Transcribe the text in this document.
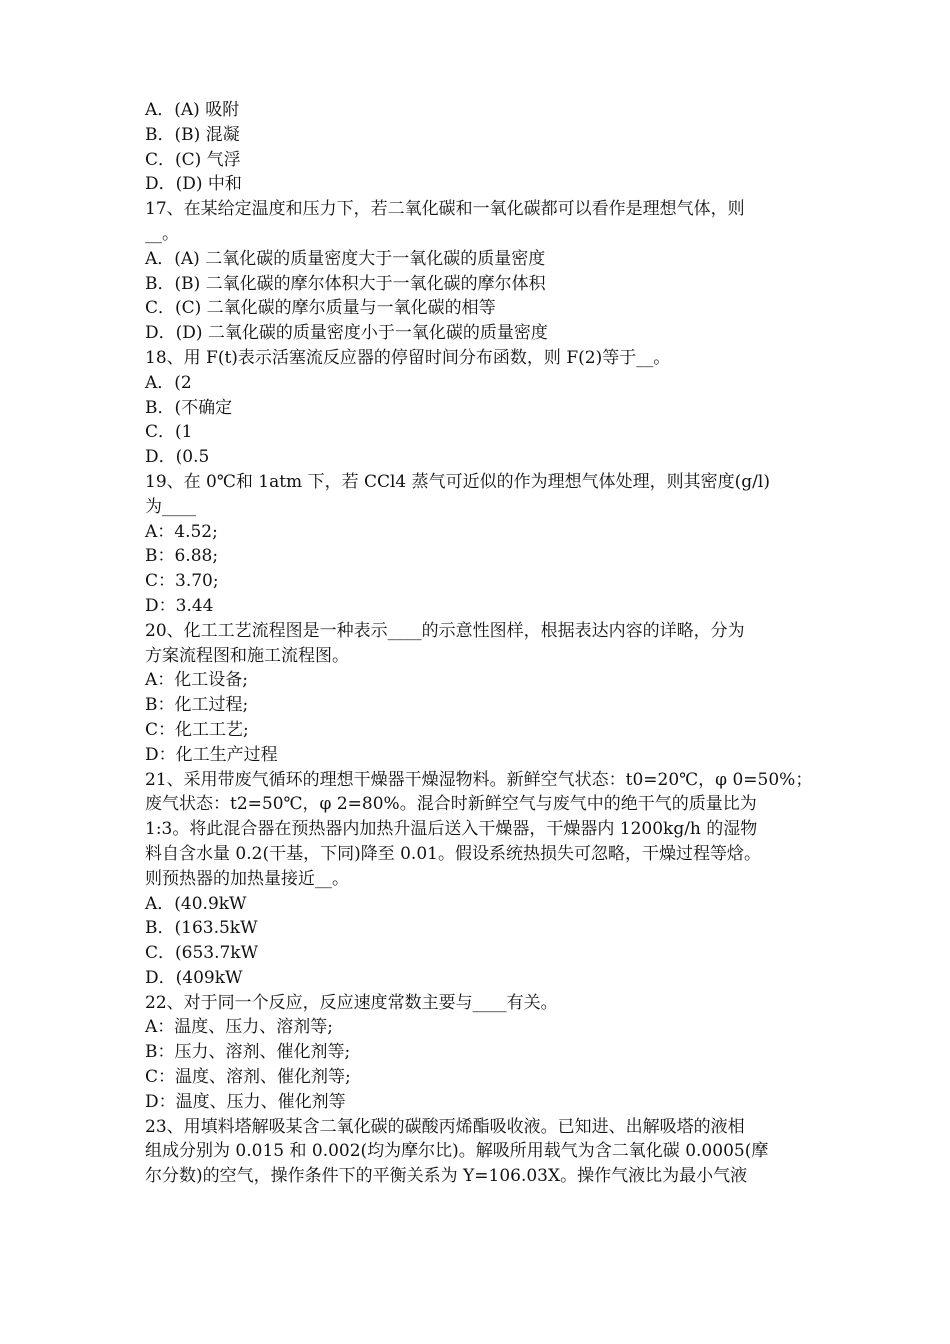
A．(A) 吸附

B．(B) 混凝

C．(C) 气浮

D．(D) 中和

17、在某给定温度和压力下，若二氧化碳和一氧化碳都可以看作是理想气体，则

__。

A．(A) 二氧化碳的质量密度大于一氧化碳的质量密度

B．(B) 二氧化碳的摩尔体积大于一氧化碳的摩尔体积

C．(C) 二氧化碳的摩尔质量与一氧化碳的相等

D．(D) 二氧化碳的质量密度小于一氧化碳的质量密度

18、用 F(t)表示活塞流反应器的停留时间分布函数，则 F(2)等于__。

A．(2

B．(不确定

C．(1

D．(0.5

19、在 0℃和 1atm 下，若 CCl4 蒸气可近似的作为理想气体处理，则其密度(g/l)

为____

A：4.52;

B：6.88;

C：3.70;

D：3.44

20、化工工艺流程图是一种表示____的示意性图样，根据表达内容的详略，分为

方案流程图和施工流程图。

A：化工设备;

B：化工过程;

C：化工工艺;

D：化工生产过程

21、采用带废气循环的理想干燥器干燥湿物料。新鲜空气状态：t0=20℃，φ 0=50%；

废气状态：t2=50℃，φ 2=80%。混合时新鲜空气与废气中的绝干气的质量比为

1:3。将此混合器在预热器内加热升温后送入干燥器，干燥器内 1200kg/h 的湿物

料自含水量 0.2(干基，下同)降至 0.01。假设系统热损失可忽略，干燥过程等焓。

则预热器的加热量接近__。

A．(40.9kW

B．(163.5kW

C．(653.7kW

D．(409kW

22、对于同一个反应，反应速度常数主要与____有关。

A：温度、压力、溶剂等;

B：压力、溶剂、催化剂等;

C：温度、溶剂、催化剂等;

D：温度、压力、催化剂等

23、用填料塔解吸某含二氧化碳的碳酸丙烯酯吸收液。已知进、出解吸塔的液相

组成分别为 0.015 和 0.002(均为摩尔比)。解吸所用载气为含二氧化碳 0.0005(摩

尔分数)的空气，操作条件下的平衡关系为 Y=106.03X。操作气液比为最小气液
